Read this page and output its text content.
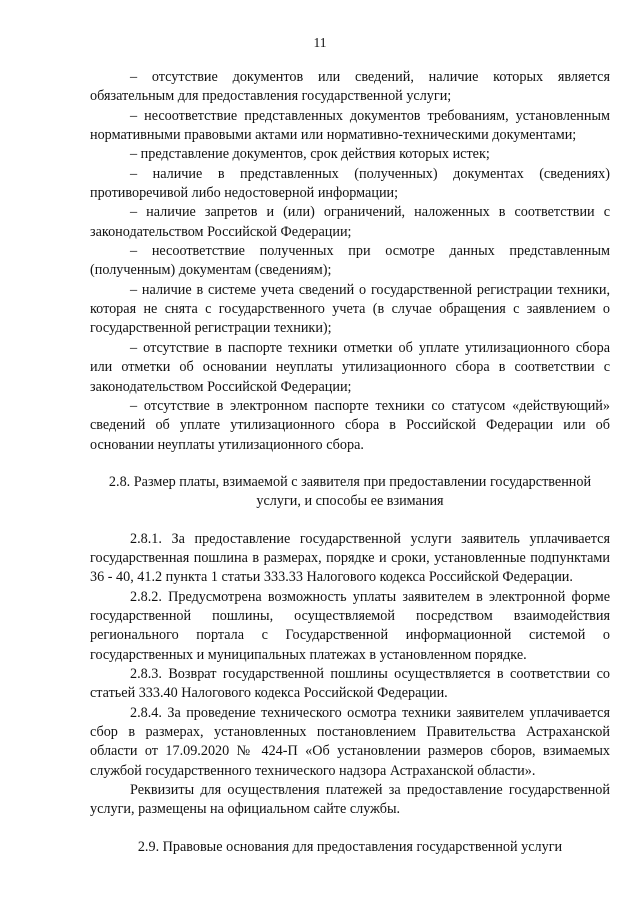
11

– отсутствие документов или сведений, наличие которых является обязательным для предоставления государственной услуги;

– несоответствие представленных документов требованиям, установленным нормативными правовыми актами или нормативно-техническими документами;

– представление документов, срок действия которых истек;

– наличие в представленных (полученных) документах (сведениях) противоречивой либо недостоверной информации;

– наличие запретов и (или) ограничений, наложенных в соответствии с законодательством Российской Федерации;

– несоответствие полученных при осмотре данных представленным (полученным) документам (сведениям);

– наличие в системе учета сведений о государственной регистрации техники, которая не снята с государственного учета (в случае обращения с заявлением о государственной регистрации техники);

– отсутствие в паспорте техники отметки об уплате утилизационного сбора или отметки об основании неуплаты утилизационного сбора в соответствии с законодательством Российской Федерации;

– отсутствие в электронном паспорте техники со статусом «действующий» сведений об уплате утилизационного сбора в Российской Федерации или об основании неуплаты утилизационного сбора.

2.8. Размер платы, взимаемой с заявителя при предоставлении государственной услуги, и способы ее взимания

2.8.1. За предоставление государственной услуги заявитель уплачивается государственная пошлина в размерах, порядке и сроки, установленные подпунктами 36 - 40, 41.2 пункта 1 статьи 333.33 Налогового кодекса Российской Федерации.

2.8.2. Предусмотрена возможность уплаты заявителем в электронной форме государственной пошлины, осуществляемой посредством взаимодействия регионального портала с Государственной информационной системой о государственных и муниципальных платежах в установленном порядке.

2.8.3. Возврат государственной пошлины осуществляется в соответствии со статьей 333.40 Налогового кодекса Российской Федерации.

2.8.4. За проведение технического осмотра техники заявителем уплачивается сбор в размерах, установленных постановлением Правительства Астраханской области от 17.09.2020 № 424-П «Об установлении размеров сборов, взимаемых службой государственного технического надзора Астраханской области».

Реквизиты для осуществления платежей за предоставление государственной услуги, размещены на официальном сайте службы.

2.9. Правовые основания для предоставления государственной услуги
